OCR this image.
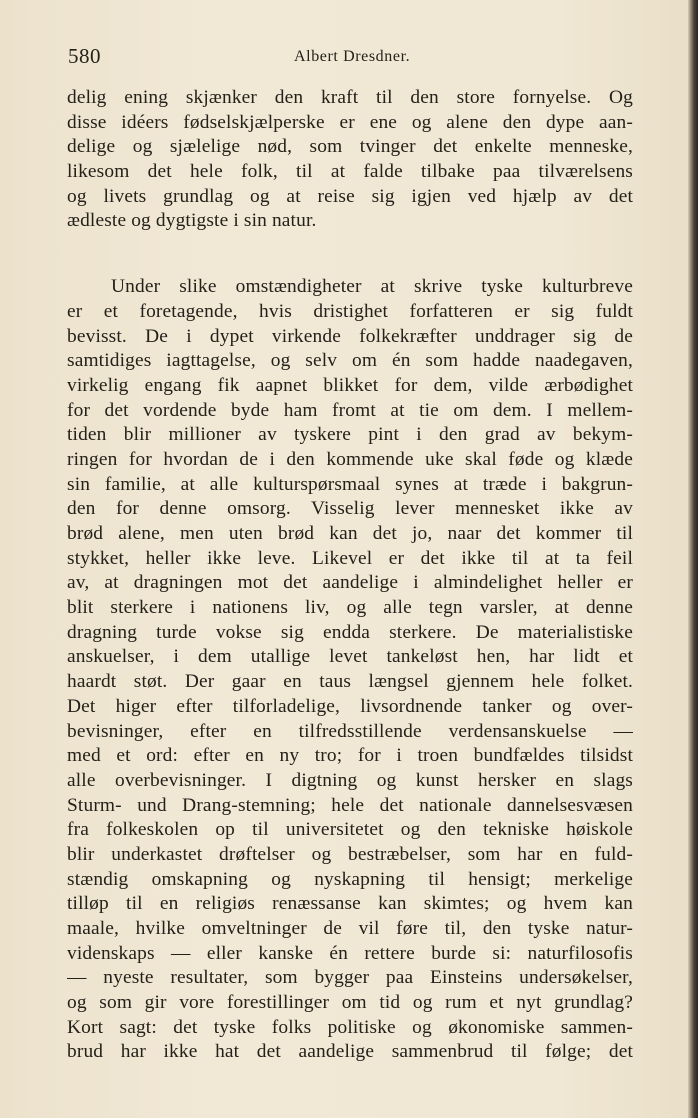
580	Albert Dresdner.
delig ening skjænker den kraft til den store fornyelse. Og
disse idéers fødselskjælperske er ene og alene den dype aan-
delige og sjælelige nød, som tvinger det enkelte menneske,
likesom det hele folk, til at falde tilbake paa tilværelsens
og livets grundlag og at reise sig igjen ved hjælp av det
ædleste og dygtigste i sin natur.
Under slike omstændigheter at skrive tyske kulturbreve
er et foretagende, hvis dristighet forfatteren er sig fuldt
bevisst. De i dypet virkende folkekræfter unddrager sig de
samtidiges iagttagelse, og selv om én som hadde naadegaven,
virkelig engang fik aapnet blikket for dem, vilde ærbødighet
for det vordende byde ham fromt at tie om dem. I mellem-
tiden blir millioner av tyskere pint i den grad av bekym-
ringen for hvordan de i den kommende uke skal føde og klæde
sin familie, at alle kulturspørsmaal synes at træde i bakgrun-
den for denne omsorg. Visselig lever mennesket ikke av
brød alene, men uten brød kan det jo, naar det kommer til
stykket, heller ikke leve. Likevel er det ikke til at ta feil
av, at dragningen mot det aandelige i almindelighet heller er
blit sterkere i nationens liv, og alle tegn varsler, at denne
dragning turde vokse sig endda sterkere. De materialistiske
anskuelser, i dem utallige levet tankeløst hen, har lidt et
haardt støt. Der gaar en taus længsel gjennem hele folket.
Det higer efter tilforladelige, livsordnende tanker og over-
bevisninger, efter en tilfredsstillende verdensanskuelse —
med et ord: efter en ny tro; for i troen bundfældes tilsidst
alle overbevisninger. I digtning og kunst hersker en slags
Sturm- und Drang-stemning; hele det nationale dannelsesvæsen
fra folkeskolen op til universitetet og den tekniske høiskole
blir underkastet drøftelser og bestræbelser, som har en fuld-
stændig omskapning og nyskapning til hensigt; merkelige
tilløp til en religiøs renæssanse kan skimtes; og hvem kan
maale, hvilke omveltninger de vil føre til, den tyske natur-
videnskaps — eller kanske én rettere burde si: naturfilosofis
— nyeste resultater, som bygger paa Einsteins undersøkelser,
og som gir vore forestillinger om tid og rum et nyt grundlag?
Kort sagt: det tyske folks politiske og økonomiske sammen-
brud har ikke hat det aandelige sammenbrud til følge; det
